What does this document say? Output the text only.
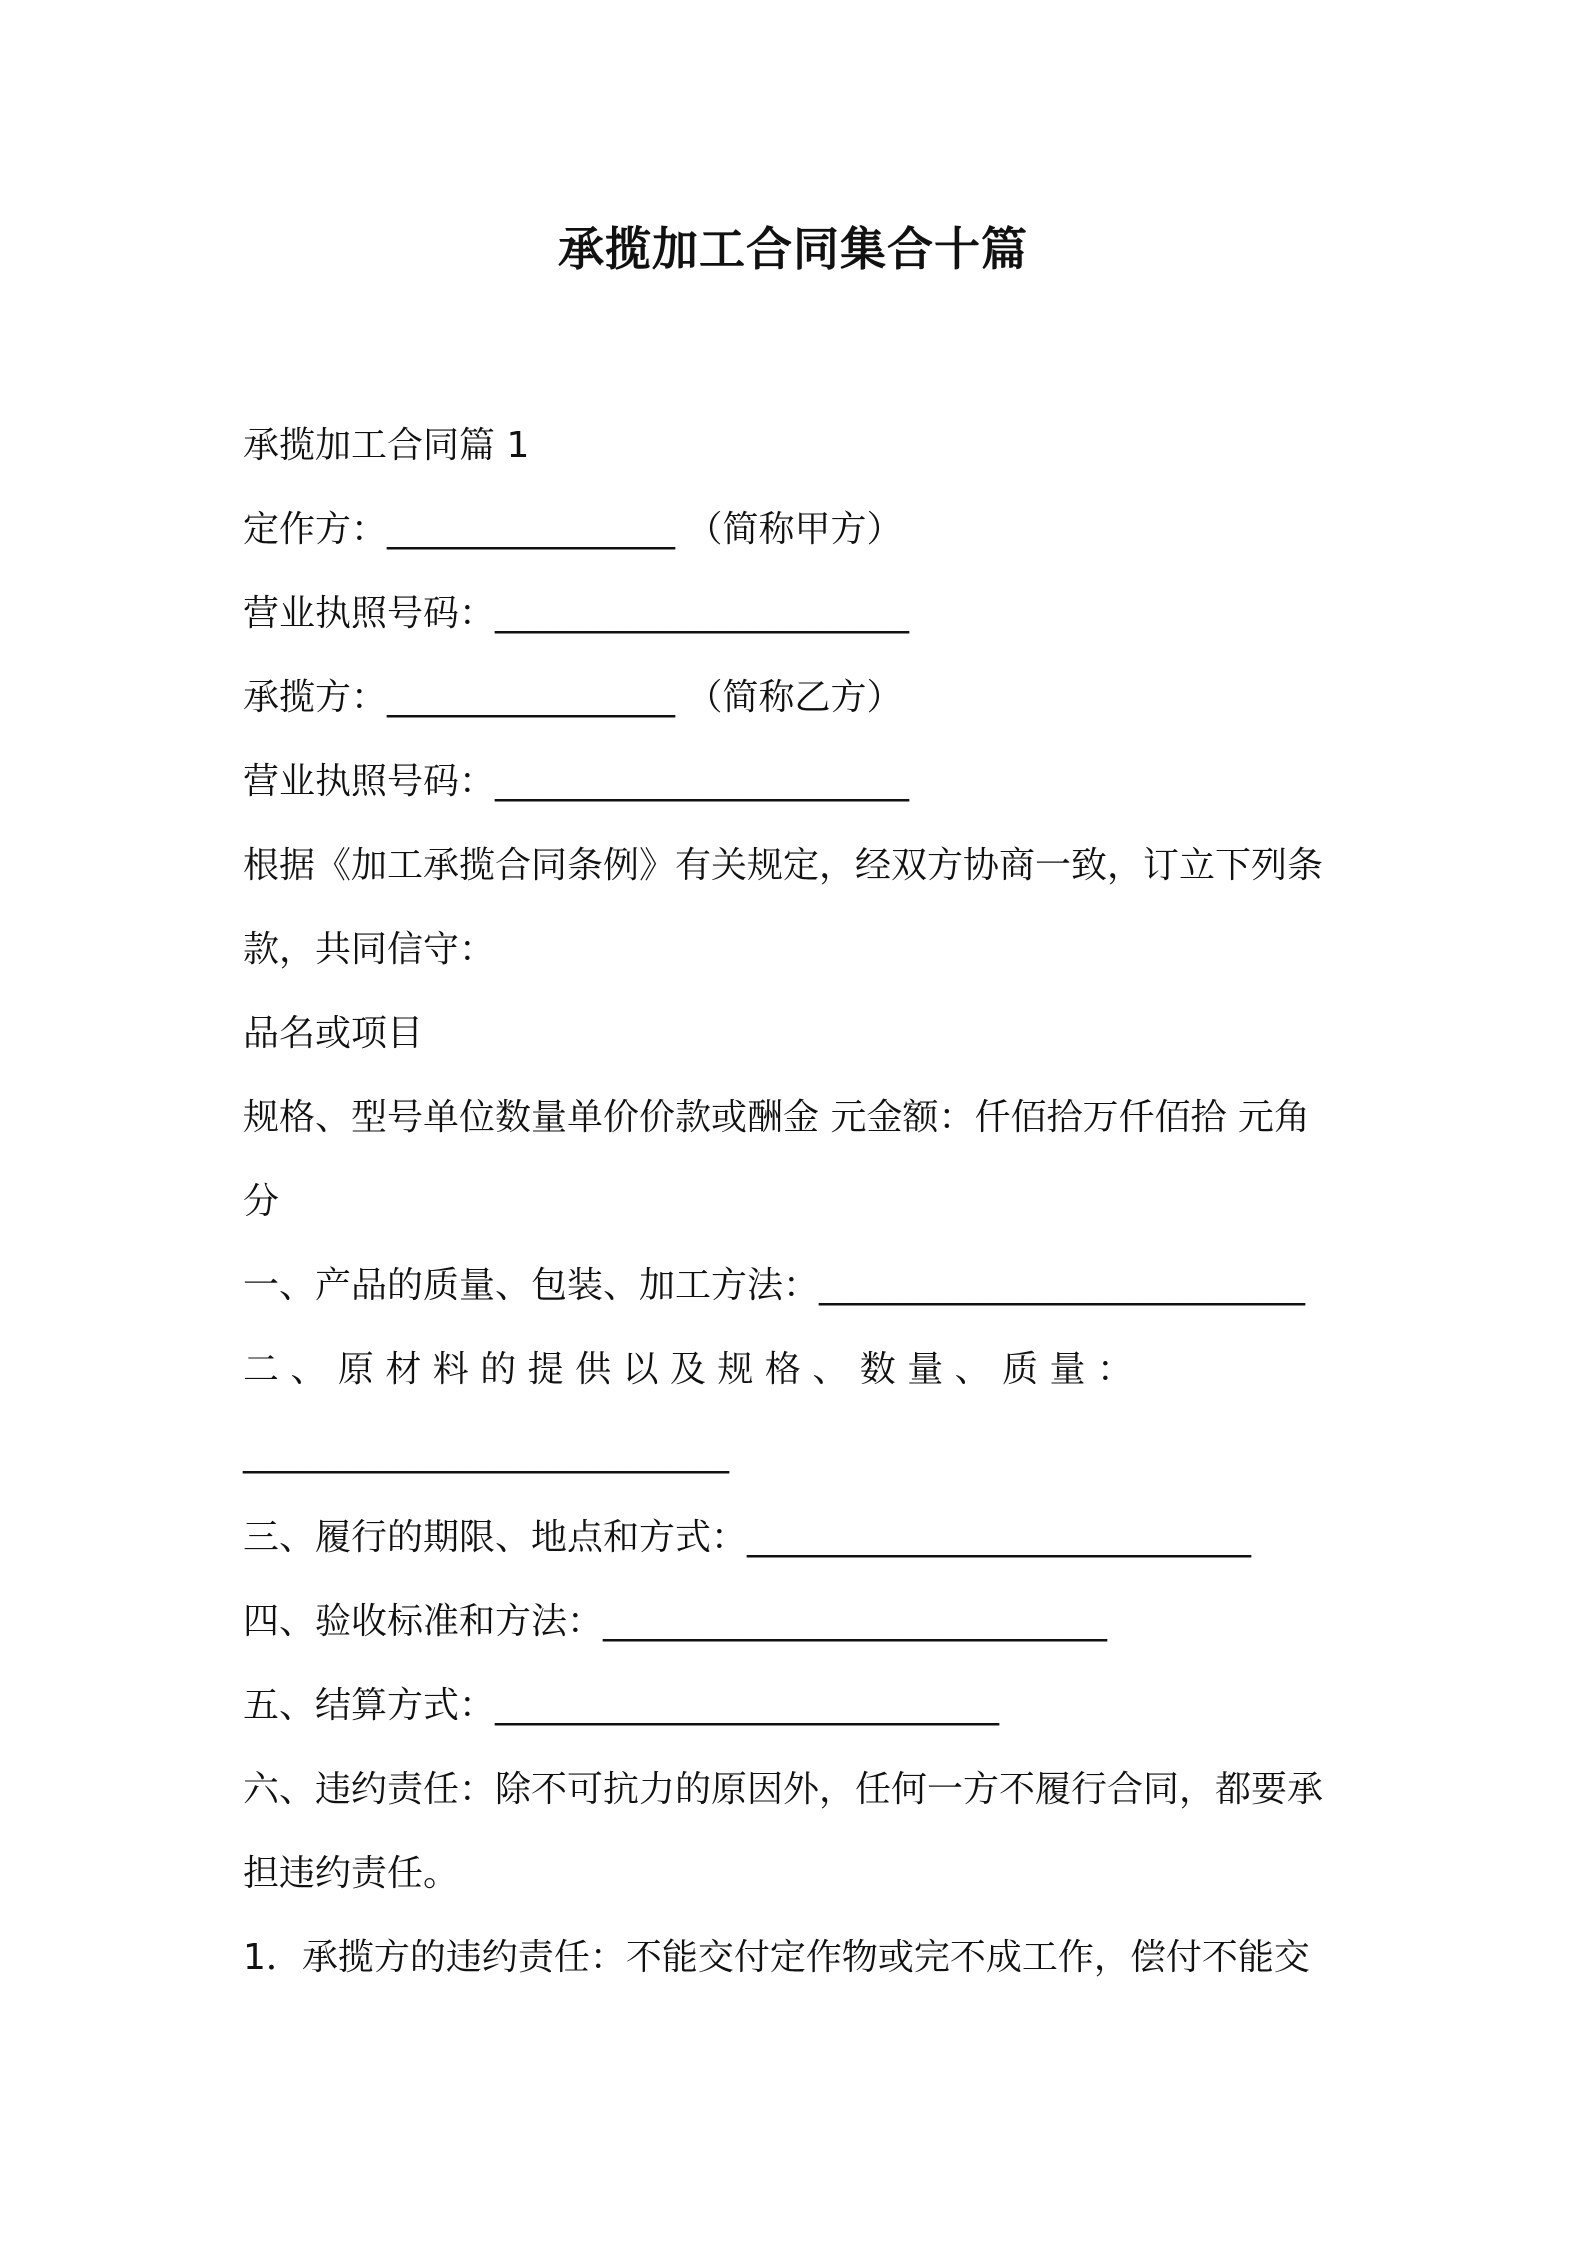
承揽加工合同集合十篇
承揽加工合同篇 1
定作方：________________ （简称甲方）
营业执照号码：_______________________
承揽方：________________ （简称乙方）
营业执照号码：_______________________
根据《加工承揽合同条例》有关规定，经双方协商一致，订立下列条
款，共同信守：
品名或项目
规格、型号单位数量单价价款或酬金 元金额：仟佰拾万仟佰拾 元角
分
一、产品的质量、包装、加工方法：___________________________
二 、 原 材 料 的 提 供 以 及 规 格 、 数 量 、 质 量 ：
___________________________
三、履行的期限、地点和方式：____________________________
四、验收标准和方法：____________________________
五、结算方式：____________________________
六、违约责任：除不可抗力的原因外，任何一方不履行合同，都要承
担违约责任。
1．承揽方的违约责任：不能交付定作物或完不成工作，偿付不能交
